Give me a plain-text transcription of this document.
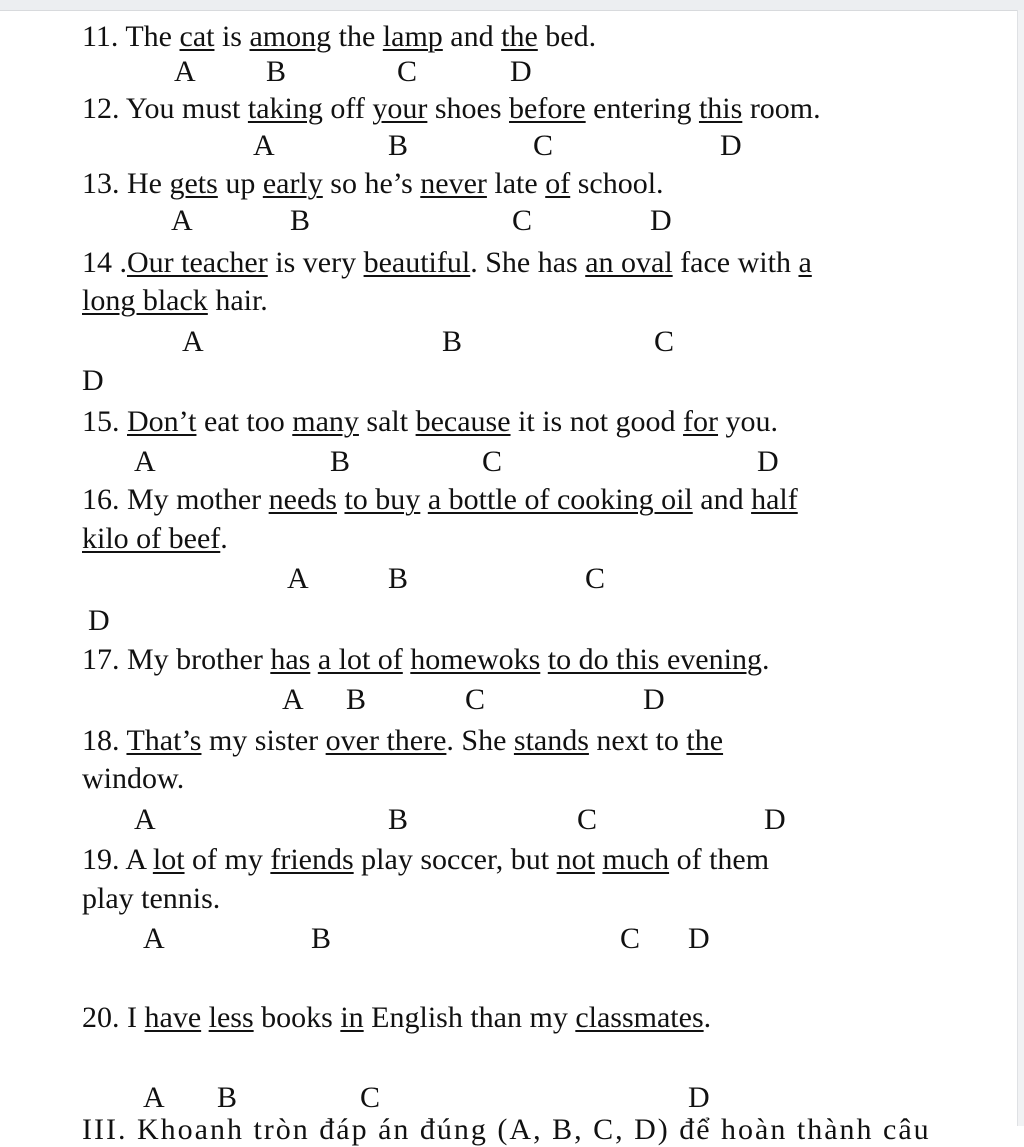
11. The cat is among the lamp and the bed.
A B	C	D
12. You must taking off your shoes before entering this room.
A	B	C	D
13. He gets up early so he’s never late of school.
A	B	C	D
14 .Our teacher is very beautiful. She has an oval face with a
long black hair.
A	B	C
D
15. Don’t eat too many salt because it is not good for you.
A	B	C	D
16. My mother needs to buy a bottle of cooking oil and half
kilo of beef.
A	B	C
D
17. My brother has a lot of homewoks to do this evening.
A B	C	D
18. That’s my sister over there. She stands next to the
window.
A	B	C	D
19. A lot of my friends play soccer, but not much of them
play tennis.
A	B	C D
20. I have less books in English than my classmates.
A B	C	D
III. Khoanh tròn đáp án đúng (A, B, C, D) để hoàn thành câu
